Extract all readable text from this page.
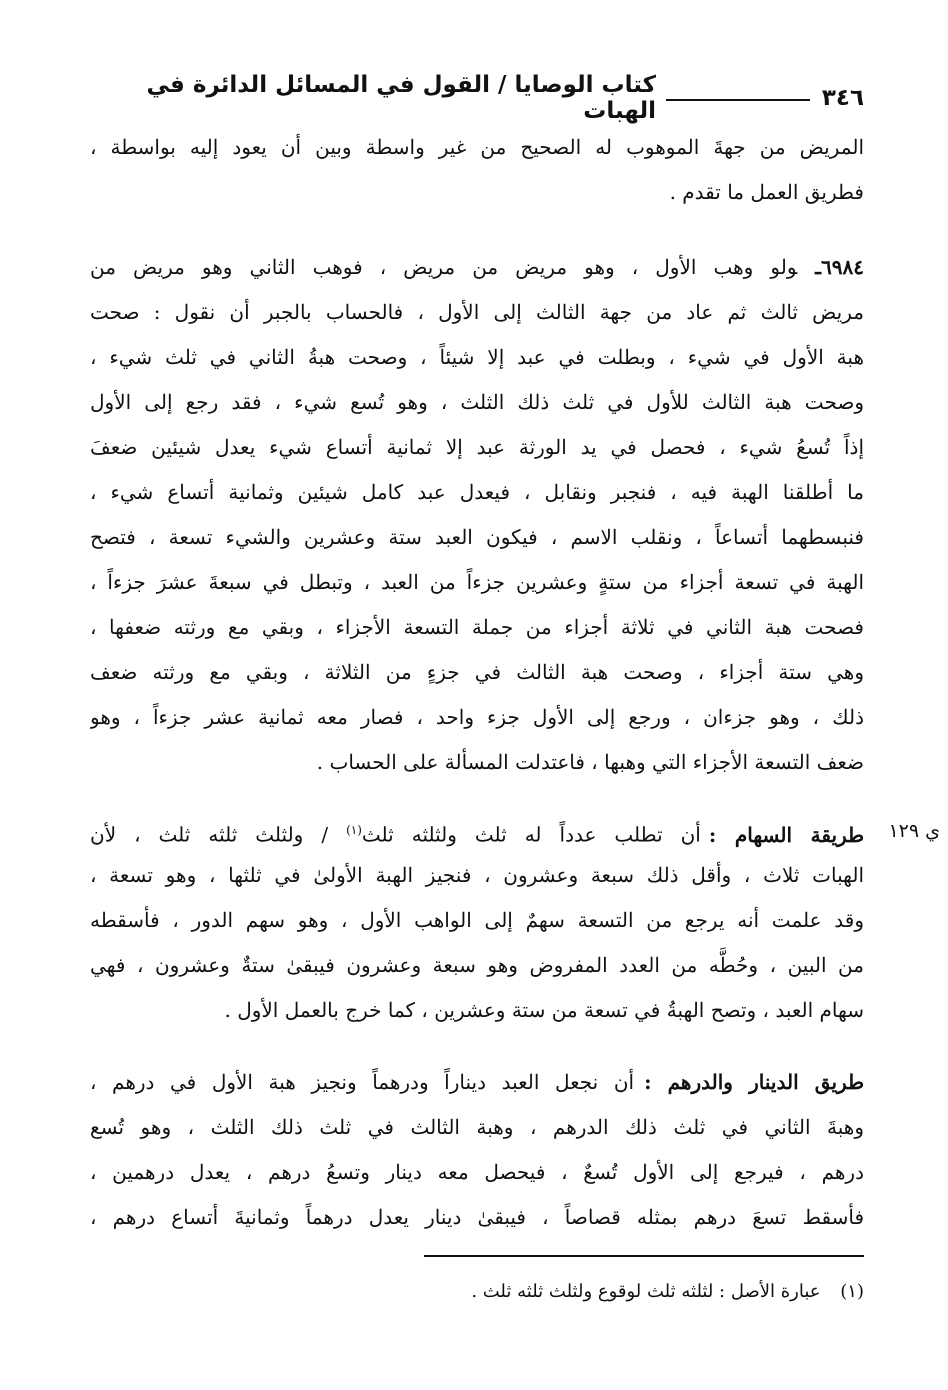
٣٤٦
كتاب الوصايا / القول في المسائل الدائرة في الهبات
المريض من جهةَ الموهوب له الصحيح من غير واسطة وبين أن يعود إليه بواسطة ،
فطريق العمل ما تقدم .
٦٩٨٤ـولو وهب الأول ، وهو مريض من مريض ، فوهب الثاني وهو مريض من
مريض ثالث ثم عاد من جهة الثالث إلى الأول ، فالحساب بالجبر أن نقول : صحت
هبة الأول في شيء ، وبطلت في عبد إلا شيئاً ، وصحت هبةُ الثاني في ثلث شيء ،
وصحت هبة الثالث للأول في ثلث ذلك الثلث ، وهو تُسع شيء ، فقد رجع إلى الأول
إذاً تُسعُ شيء ، فحصل في يد الورثة عبد إلا ثمانية أتساع شيء يعدل شيئين ضعفَ
ما أطلقنا الهبة فيه ، فنجبر ونقابل ، فيعدل عبد كامل شيئين وثمانية أتساع شيء ،
فنبسطهما أتساعاً ، ونقلب الاسم ، فيكون العبد ستة وعشرين والشيء تسعة ، فتصح
الهبة في تسعة أجزاء من ستةٍ وعشرين جزءاً من العبد ، وتبطل في سبعةَ عشرَ جزءاً ،
فصحت هبة الثاني في ثلاثة أجزاء من جملة التسعة الأجزاء ، وبقي مع ورثته ضعفها ،
وهي ستة أجزاء ، وصحت هبة الثالث في جزءٍ من الثلاثة ، وبقي مع ورثته ضعف
ذلك ، وهو جزءان ، ورجع إلى الأول جزء واحد ، فصار معه ثمانية عشر جزءاً ، وهو
ضعف التسعة الأجزاء التي وهبها ، فاعتدلت المسألة على الحساب .
ي ١٢٩
طريقة السهام :أن تطلب عدداً له ثلث ولثلثه ثلث$^{(١)}$ / ولثلث ثلثه ثلث ، لأن
الهبات ثلاث ، وأقل ذلك سبعة وعشرون ، فنجيز الهبة الأولىٰ في ثلثها ، وهو تسعة ،
وقد علمت أنه يرجع من التسعة سهمٌ إلى الواهب الأول ، وهو سهم الدور ، فأسقطه
من البين ، وحُطَّه من العدد المفروض وهو سبعة وعشرون فيبقىٰ ستةٌ وعشرون ، فهي
سهام العبد ، وتصح الهبةُ في تسعة من ستة وعشرين ، كما خرج بالعمل الأول .
طريق الدينار والدرهم :أن نجعل العبد ديناراً ودرهماً ونجيز هبة الأول في درهم ،
وهبةَ الثاني في ثلث ذلك الدرهم ، وهبة الثالث في ثلث ذلك الثلث ، وهو تُسع
درهم ، فيرجع إلى الأول تُسعٌ ، فيحصل معه دينار وتسعُ درهم ، يعدل درهمين ،
فأسقط تسعَ درهم بمثله قصاصاً ، فيبقىٰ دينار يعدل درهماً وثمانيةَ أتساع درهم ،
(١) عبارة الأصل : لثلثه ثلث لوقوع ولثلث ثلثه ثلث .
